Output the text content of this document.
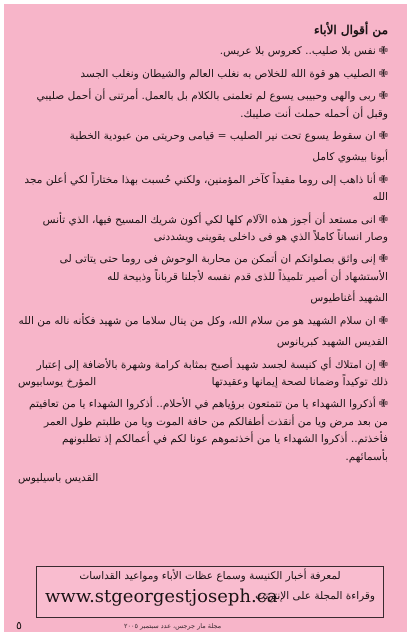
من أقوال الأباء

✙نفس بلا صليب.. كعروس بلا عريس.

✙الصليب هو قوة الله للخلاص به نغلب العالم والشيطان ونغلب الجسد

✙ربى والهى وحبيبى يسوع لم تعلمنى بالكلام بل بالعمل. أمرتنى أن أحمل صليبي وقبل أن أحمله حملت أنت صليبك.

✙ان سقوط يسوع تحت نير الصليب = قيامى وحريتى من عبودية الخطية

أبونا بيشوي كامل

✙أنا ذاهب إلى روما مقيداً كآخر المؤمنين، ولكني حُسبت بهذا مختاراً لكي أعلن مجد الله

✙انى مستعد أن أجوز هذه الآلام كلها لكي أكون شريك المسيح فيها، الذي تأنس وصار انساناً كاملاً الذي هو فى داخلى يقوينى ويشددنى

✙إنى واثق بصلواتكم ان أتمكن من محاربة الوحوش فى روما حتى يتاتى لى الأستشهاد أن أصير تلميذاً للذى قدم نفسه لأجلنا قرباناً وذبيحة لله

الشهيد أغناطيوس

✙ان سلام الشهيد هو من سلام الله، وكل من ينال سلاما من شهيد فكأنه ناله من الله

القديس الشهيد كبريانوس

✙إن امتلاك أي كنيسة لجسد شهيد أصبح بمثابة كرامة وشهرة بالأضافة إلى إعتبار ذلك توكيداً وضمانا لصحة إيمانها وعقيدتها
المؤرخ يوسابيوس

✙أذكروا الشهداء يا من تتمتعون برؤياهم في الأحلام.. أذكروا الشهداء يا من تعافيتم من بعد مرض ويا من أنقذت أطفالكم من حافة الموت ويا من طلبتم طول العمر فأخذتم.. أذكروا الشهداء يا من أخذتموهم عونا لكم في أعمالكم إذ تطلبونهم بأسمائهم.

القديس باسيليوس
لمعرفة أخبار الكنيسة وسماع عظات الأباء ومواعيد القداسات
www.stgeorgestjoseph.ca
وقراءة المجلة على الإنترنت
٥	مجلة مار جرجس، عدد سبتمبر ٢٠٠٥
